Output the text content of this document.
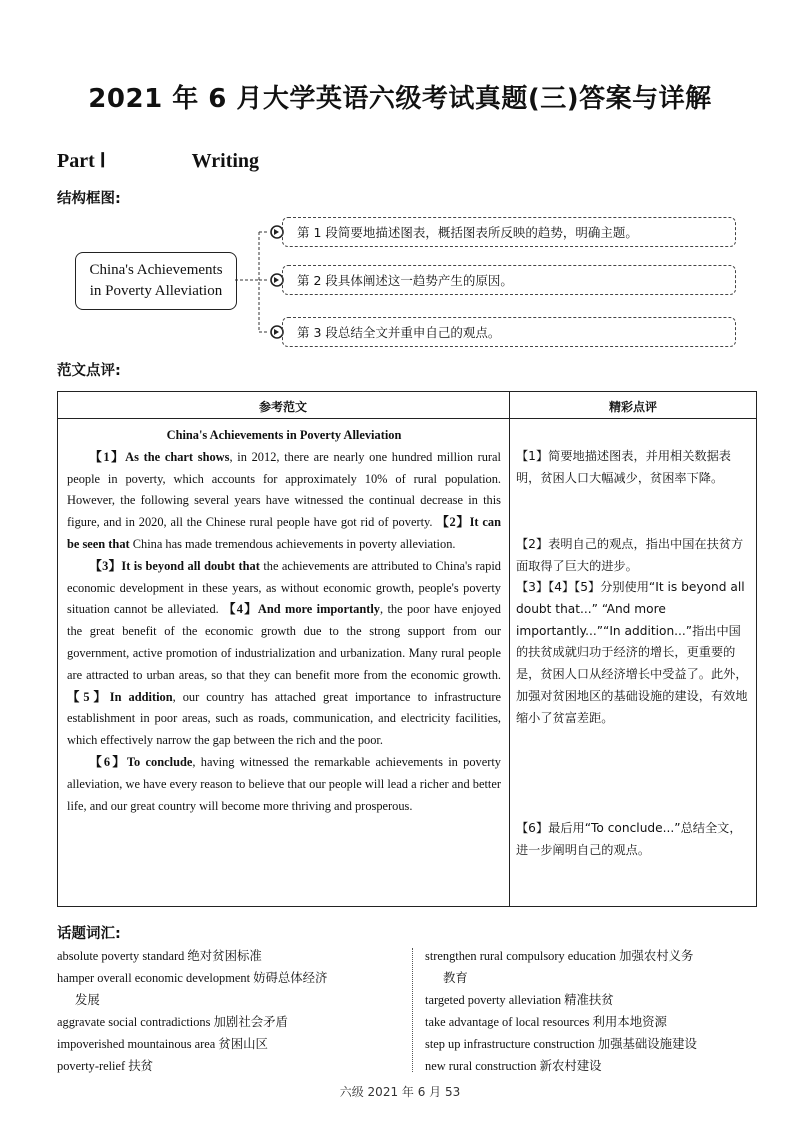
2021 年 6 月大学英语六级考试真题(三)答案与详解
Part Ⅰ	Writing
结构框图:
China's Achievements
in Poverty Alleviation
第 1 段简要地描述图表，概括图表所反映的趋势，明确主题。
第 2 段具体阐述这一趋势产生的原因。
第 3 段总结全文并重申自己的观点。
范文点评:
参考范文	精彩点评
China's Achievements in Poverty Alleviation

【1】As the chart shows, in 2012, there are nearly one hundred million rural people in poverty, which accounts for approximately 10% of rural population. However, the following several years have witnessed the continual decrease in this figure, and in 2020, all the Chinese rural people have got rid of poverty. 【2】It can be seen that China has made tremendous achievements in poverty alleviation.

【3】It is beyond all doubt that the achievements are attributed to China's rapid economic development in these years, as without economic growth, people's poverty situation cannot be alleviated. 【4】And more importantly, the poor have enjoyed the great benefit of the economic growth due to the strong support from our government, active promotion of industrialization and urbanization. Many rural people are attracted to urban areas, so that they can benefit more from the economic growth. 【5】In addition, our country has attached great importance to infrastructure establishment in poor areas, such as roads, communication, and electricity facilities, which effectively narrow the gap between the rich and the poor.

【6】To conclude, having witnessed the remarkable achievements in poverty alleviation, we have every reason to believe that our people will lead a richer and better life, and our great country will become more thriving and prosperous.

【1】简要地描述图表，并用相关数据表明，贫困人口大幅减少，贫困率下降。
【2】表明自己的观点，指出中国在扶贫方面取得了巨大的进步。
【3】【4】【5】分别使用“It is beyond all doubt that...” “And more importantly...”“In addition...”指出中国的扶贫成就归功于经济的增长，更重要的是，贫困人口从经济增长中受益了。此外，加强对贫困地区的基础设施的建设，有效地缩小了贫富差距。
【6】最后用“To conclude...”总结全文，进一步阐明自己的观点。
话题词汇:
absolute poverty standard 绝对贫困标准
hamper overall economic development 妨碍总体经济
发展
aggravate social contradictions 加剧社会矛盾
impoverished mountainous area 贫困山区
poverty-relief 扶贫
strengthen rural compulsory education 加强农村义务
教育
targeted poverty alleviation 精准扶贫
take advantage of local resources 利用本地资源
step up infrastructure construction 加强基础设施建设
new rural construction 新农村建设
六级 2021 年 6 月 53
